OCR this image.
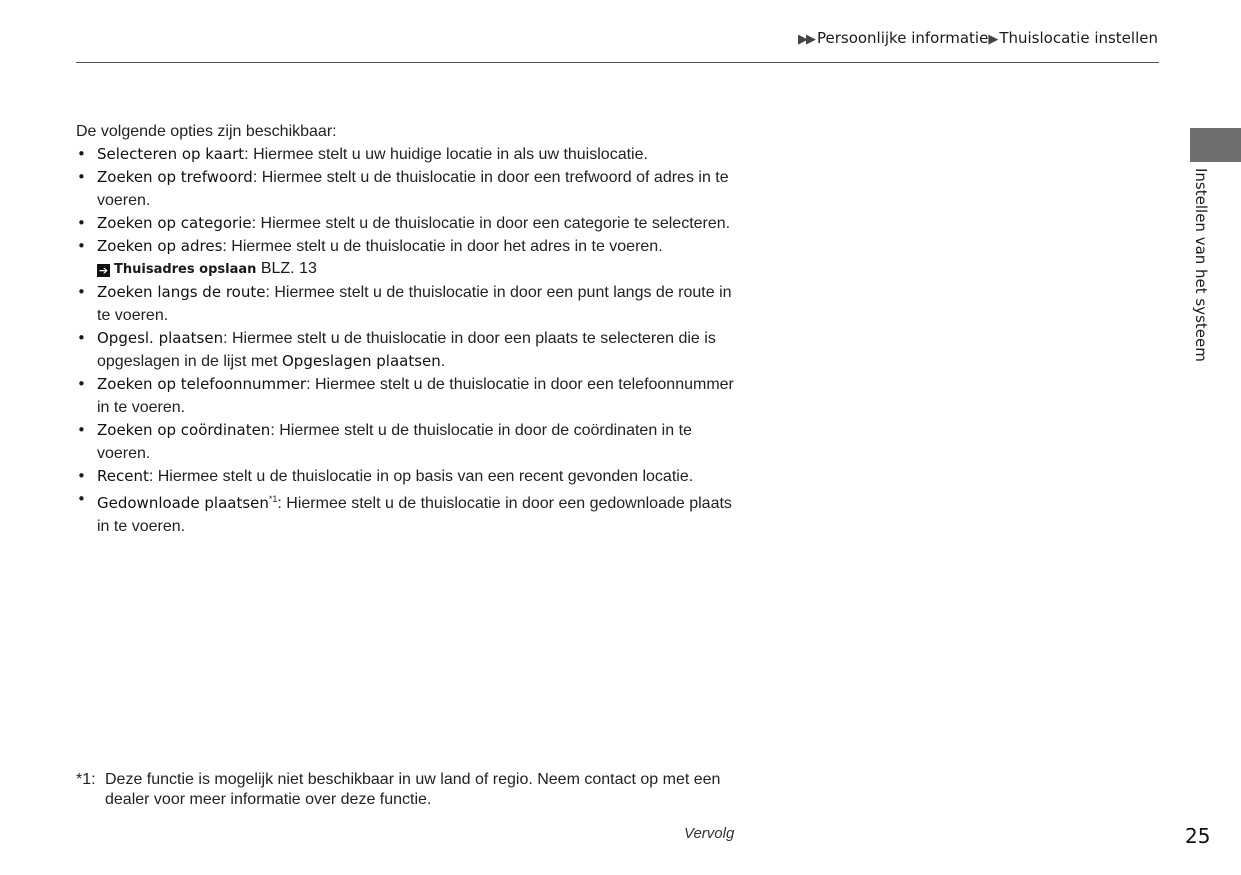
▶▶ Persoonlijke informatie▶ Thuislocatie instellen
Instellen van het systeem

De volgende opties zijn beschikbaar:

• Selecteren op kaart: Hiermee stelt u uw huidige locatie in als uw thuislocatie.
• Zoeken op trefwoord: Hiermee stelt u de thuislocatie in door een trefwoord of adres in te voeren.
• Zoeken op categorie: Hiermee stelt u de thuislocatie in door een categorie te selecteren.
• Zoeken op adres: Hiermee stelt u de thuislocatie in door het adres in te voeren.
➔ Thuisadres opslaan BLZ. 13
• Zoeken langs de route: Hiermee stelt u de thuislocatie in door een punt langs de route in te voeren.
• Opgesl. plaatsen: Hiermee stelt u de thuislocatie in door een plaats te selecteren die is opgeslagen in de lijst met Opgeslagen plaatsen.
• Zoeken op telefoonnummer: Hiermee stelt u de thuislocatie in door een telefoonnummer in te voeren.
• Zoeken op coördinaten: Hiermee stelt u de thuislocatie in door de coördinaten in te voeren.
• Recent: Hiermee stelt u de thuislocatie in op basis van een recent gevonden locatie.
• Gedownloade plaatsen$^{*1}$: Hiermee stelt u de thuislocatie in door een gedownloade plaats in te voeren.
*1: Deze functie is mogelijk niet beschikbaar in uw land of regio. Neem contact op met een dealer voor meer informatie over deze functie.
Vervolg	25
